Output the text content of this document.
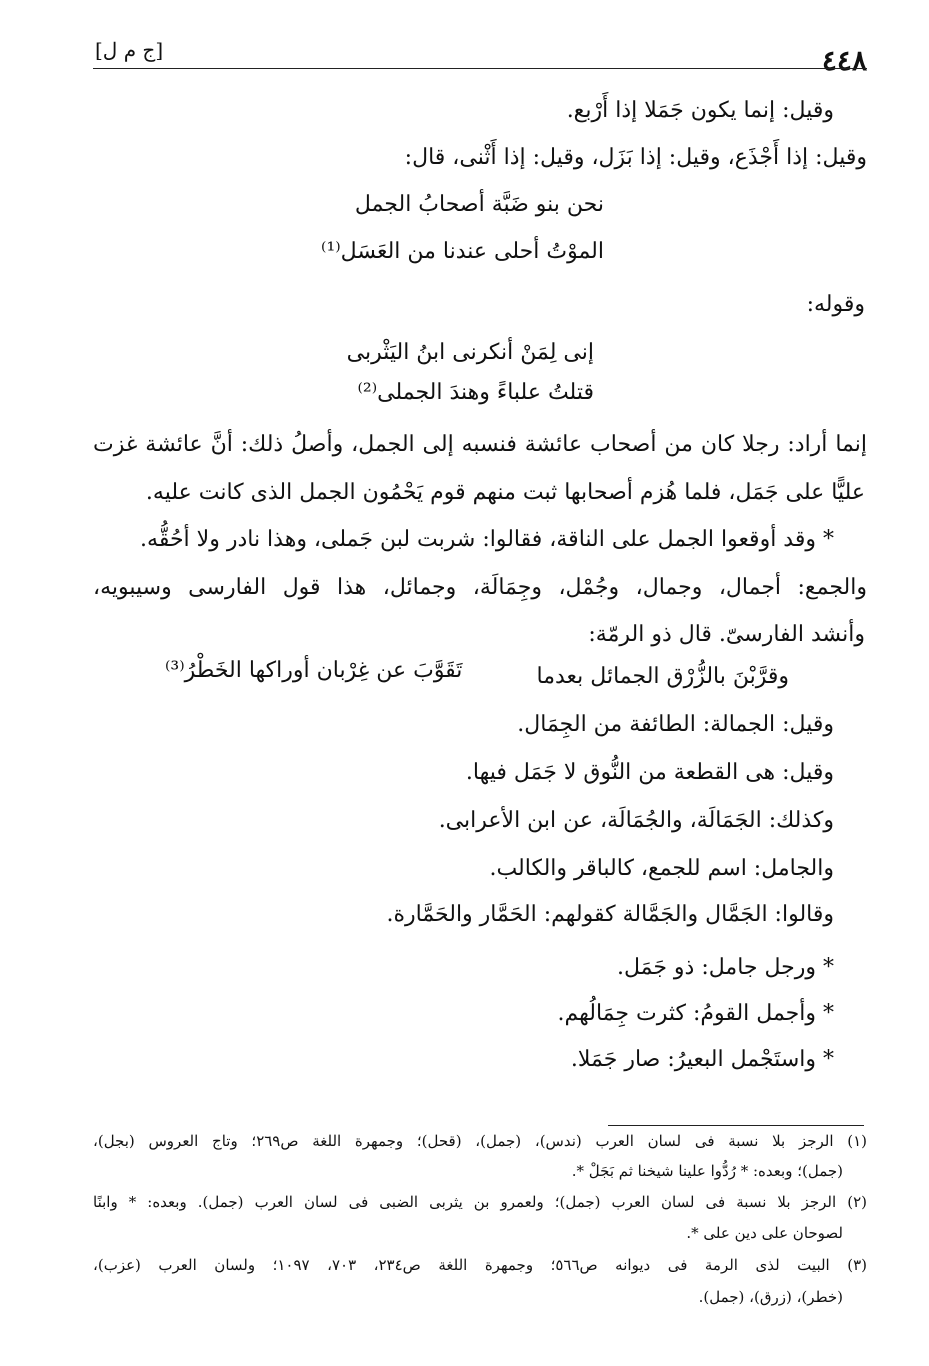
[ج م ل]	٤٤٨
وقيل: إنما يكون جَمَلا إذا أَرْبع.
وقيل: إذا أَجْذَع، وقيل: إذا بَزَل، وقيل: إذا أَثْنى، قال:
نحن بنو ضَبَّة أصحابُ الجمل
الموْتُ أحلى عندنا من العَسَل⁽¹⁾
وقوله:
إنى لِمَنْ أنكرنى ابنُ اليَثْربى
قتلتُ علباءً وهندَ الجملى⁽²⁾
إنما أراد: رجلا كان من أصحاب عائشة فنسبه إلى الجمل، وأصلُ ذلك: أنَّ عائشة غزت
عليًّا على جَمَل، فلما هُزم أصحابها ثبت منهم قوم يَحْمُون الجمل الذى كانت عليه.
* وقد أوقعوا الجمل على الناقة، فقالوا: شربت لبن جَملى، وهذا نادر ولا أحُقُّه.
والجمع: أجمال، وجمال، وجُمْل، وجِمَالَة، وجمائل، هذا قول الفارسى وسيبويه،
وأنشد الفارسىّ. قال ذو الرمّة:
وقرَّبْنَ بالزُّرْق الجمائل بعدما
تَقَوَّبَ عن غِرْبان أوراكها الخَطْرُ⁽³⁾
وقيل: الجمالة: الطائفة من الجِمَال.
وقيل: هى القطعة من النُّوق لا جَمَل فيها.
وكذلك: الجَمَالَة، والجُمَالَة، عن ابن الأعرابى.
والجامل: اسم للجمع، كالباقر والكالب.
وقالوا: الجَمَّال والجَمَّالة كقولهم: الحَمَّار والحَمَّارة.
* ورجل جامل: ذو جَمَل.
* وأجمل القومُ: كثرت جِمَالُهم.
* واستَجْمل البعيرُ: صار جَمَلا.
(١) الرجز بلا نسبة فى لسان العرب (ندس)، (جمل)، (قحل)؛ وجمهرة اللغة ص٢٦٩؛ وتاج العروس (بجل)،
(جمل)؛ وبعده: * رُدُّوا علينا شيخنا ثم بَجَلْ *.
(٢) الرجز بلا نسبة فى لسان العرب (جمل)؛ ولعمرو بن يثربى الضبى فى لسان العرب (جمل). وبعده: * وابنًا
لصوحان على دين على *.
(٣) البيت لذى الرمة فى ديوانه ص٥٦٦؛ وجمهرة اللغة ص٢٣٤، ٧٠٣، ١٠٩٧؛ ولسان العرب (عزب)،
(خطر)، (زرق)، (جمل).
